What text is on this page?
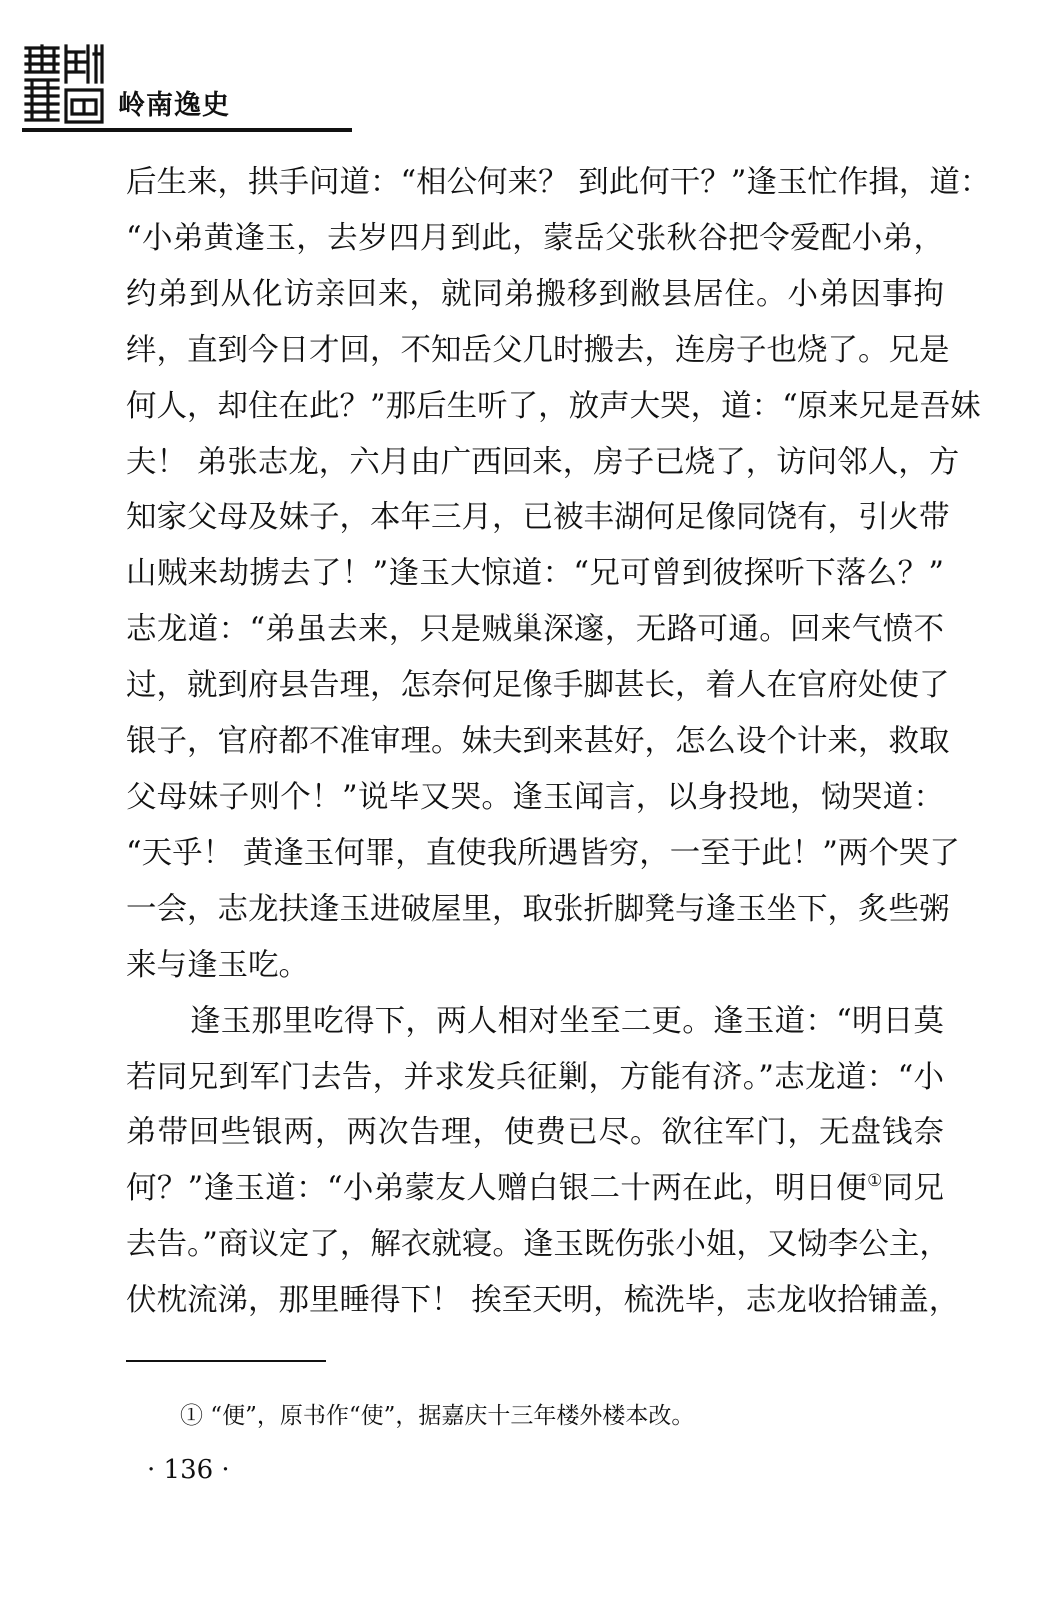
岭南逸史
后生来，拱手问道：“相公何来？ 到此何干？”逢玉忙作揖，道：
“小弟黄逢玉，去岁四月到此，蒙岳父张秋谷把令爱配小弟，
约弟到从化访亲回来，就同弟搬移到敝县居住。小弟因事拘
绊，直到今日才回，不知岳父几时搬去，连房子也烧了。兄是
何人，却住在此？”那后生听了，放声大哭，道：“原来兄是吾妹
夫！ 弟张志龙，六月由广西回来，房子已烧了，访问邻人，方
知家父母及妹子，本年三月，已被丰湖何足像同饶有，引火带
山贼来劫掳去了！”逢玉大惊道：“兄可曾到彼探听下落么？”
志龙道：“弟虽去来，只是贼巢深邃，无路可通。回来气愤不
过，就到府县告理，怎奈何足像手脚甚长，着人在官府处使了
银子，官府都不准审理。妹夫到来甚好，怎么设个计来，救取
父母妹子则个！”说毕又哭。逢玉闻言，以身投地，恸哭道：
“天乎！ 黄逢玉何罪，直使我所遇皆穷，一至于此！”两个哭了
一会，志龙扶逢玉进破屋里，取张折脚凳与逢玉坐下，炙些粥
来与逢玉吃。
逢玉那里吃得下，两人相对坐至二更。逢玉道：“明日莫
若同兄到军门去告，并求发兵征剿，方能有济。”志龙道：“小
弟带回些银两，两次告理，使费已尽。欲往军门，无盘钱奈
何？”逢玉道：“小弟蒙友人赠白银二十两在此，明日便①同兄
去告。”商议定了，解衣就寝。逢玉既伤张小姐，又恸李公主，
伏枕流涕，那里睡得下！ 挨至天明，梳洗毕，志龙收拾铺盖，
① “便”，原书作“使”，据嘉庆十三年楼外楼本改。
· 136 ·
